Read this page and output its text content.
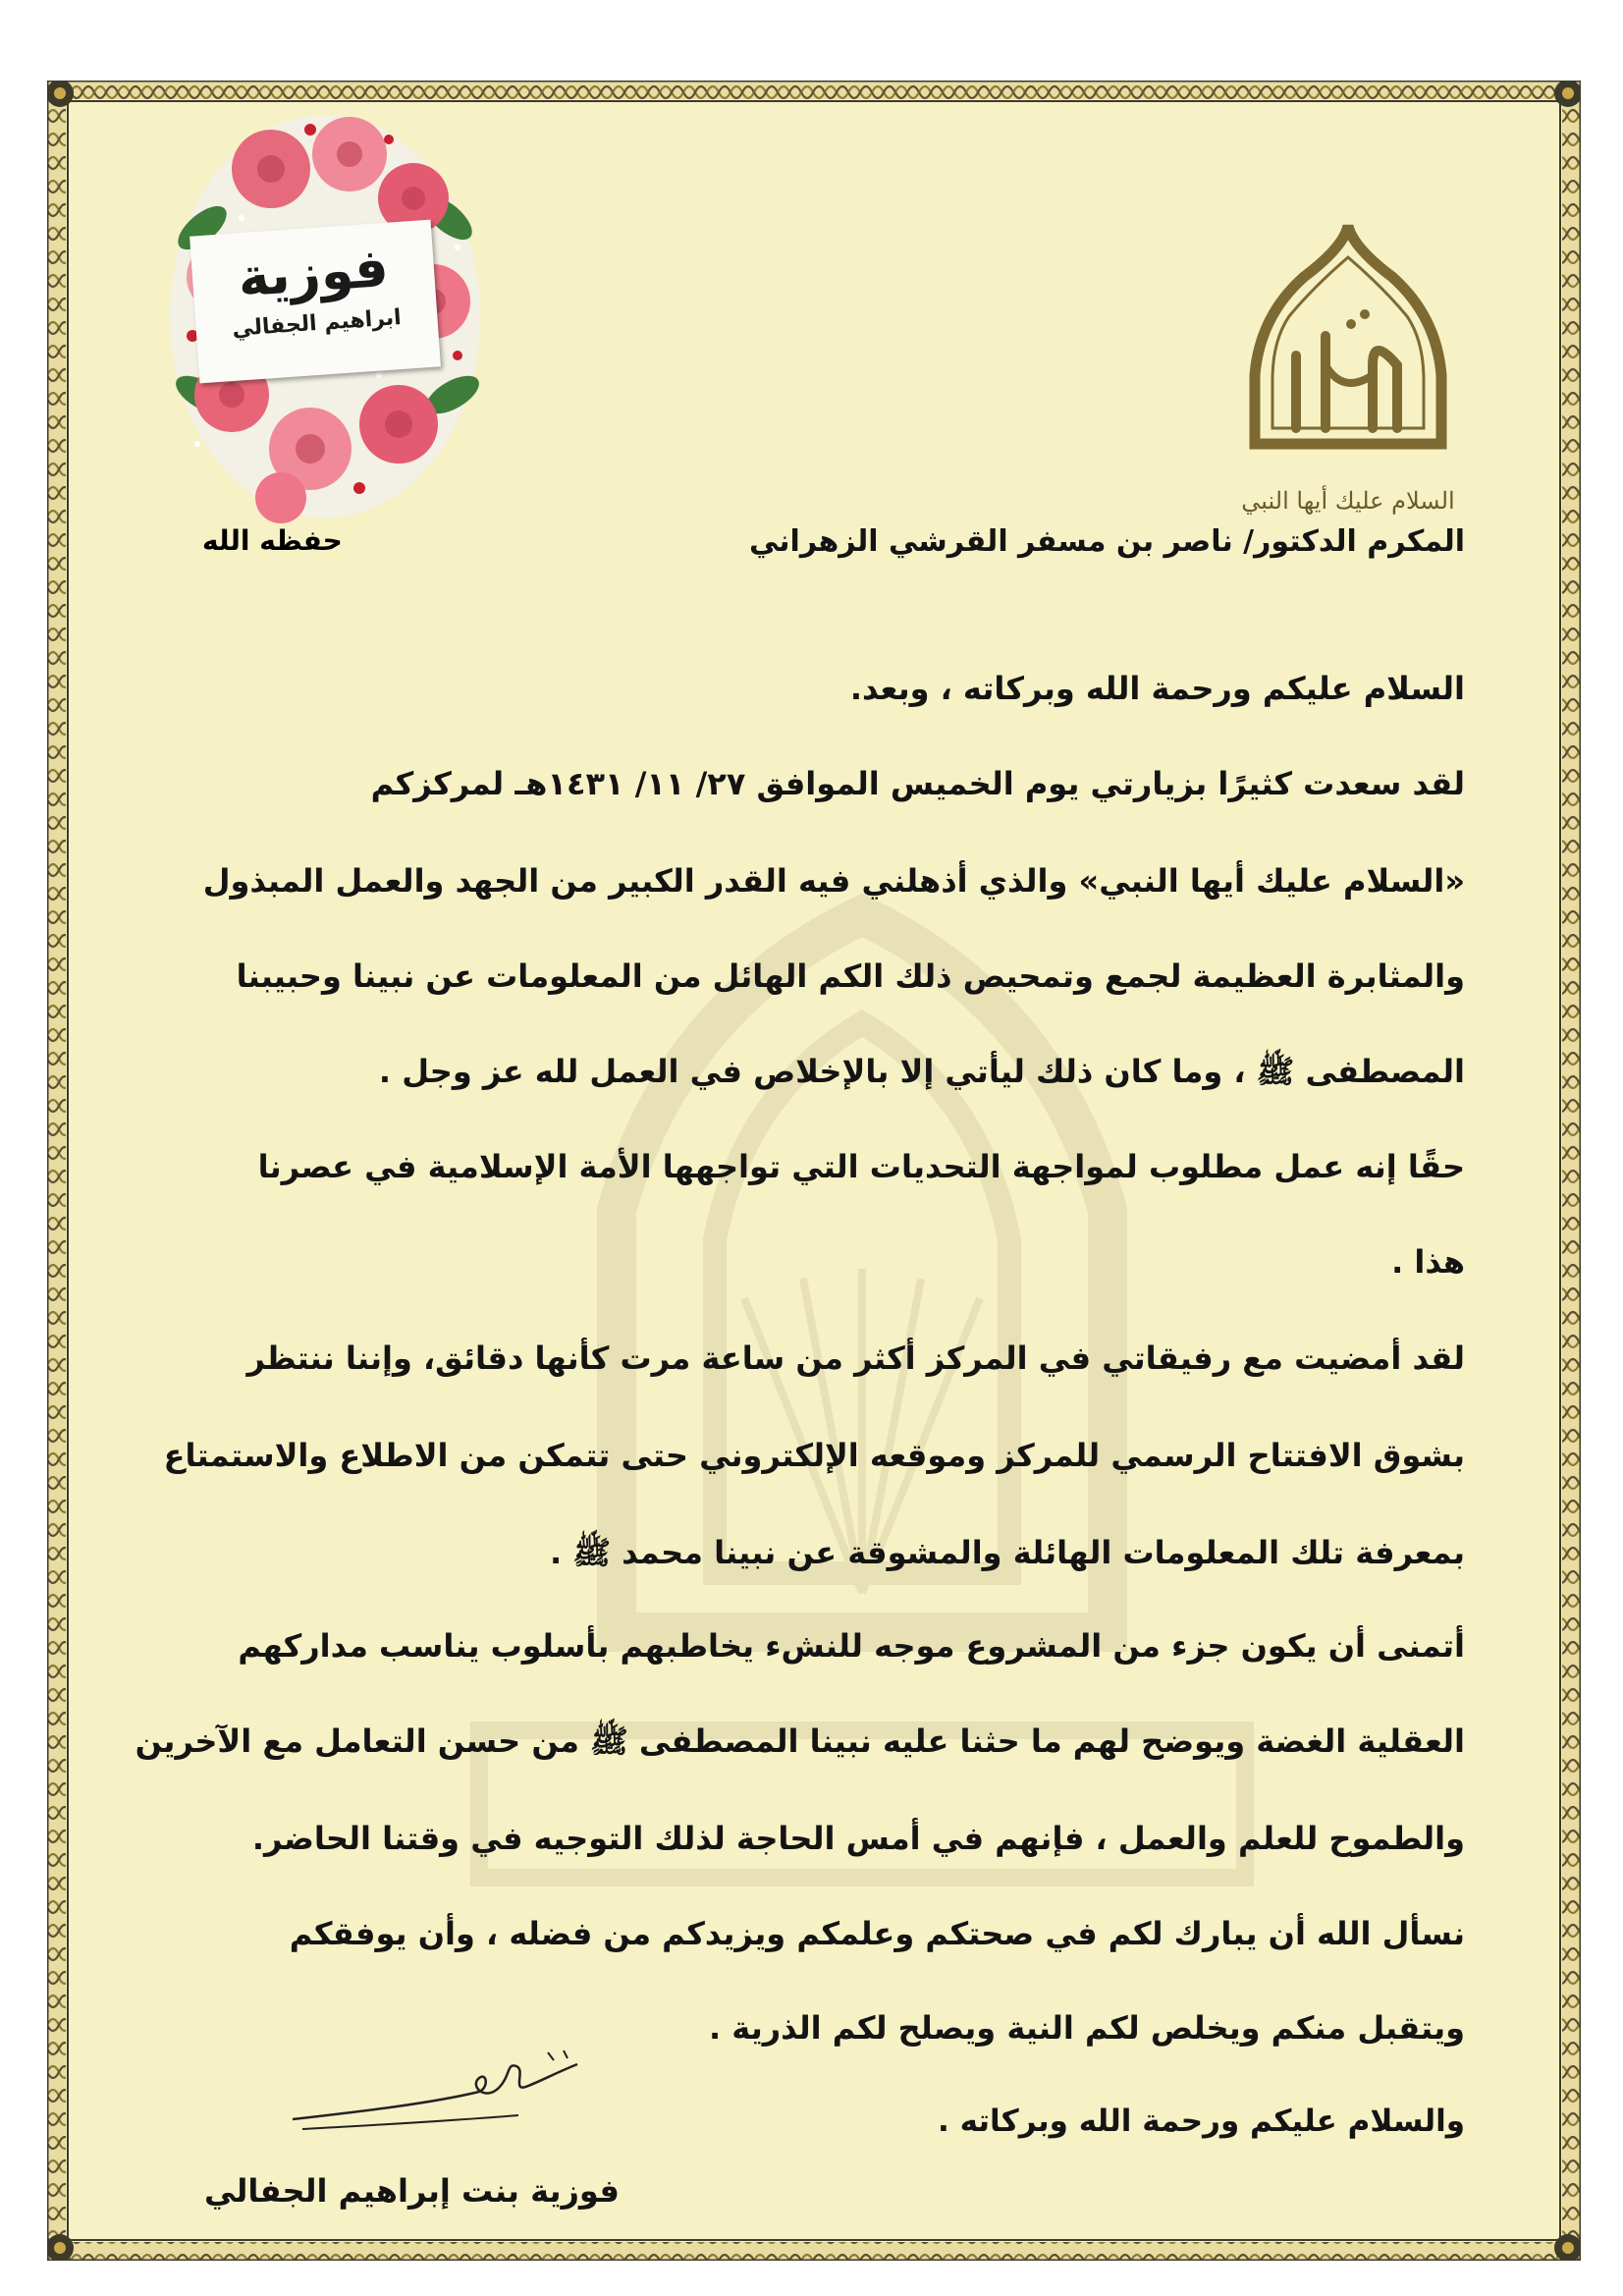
السلام عليك أيها النبي
فوزية
ابراهيم الجفالي
حفظه الله	المكرم الدكتور/ ناصر بن مسفر القرشي الزهراني
السلام عليكم ورحمة الله وبركاته ، وبعد.
لقد سعدت كثيرًا بزيارتي يوم الخميس الموافق ٢٧/ ١١/ ١٤٣١هـ لمركزكم
«السلام عليك أيها النبي» والذي أذهلني فيه القدر الكبير من الجهد والعمل المبذول
والمثابرة العظيمة لجمع وتمحيص ذلك الكم الهائل من المعلومات عن نبينا وحبيبنا
المصطفى ﷺ ، وما كان ذلك ليأتي إلا بالإخلاص في العمل لله عز وجل .
حقًا إنه عمل مطلوب لمواجهة التحديات التي تواجهها الأمة الإسلامية في عصرنا
هذا .
لقد أمضيت مع رفيقاتي في المركز أكثر من ساعة مرت كأنها دقائق، وإننا ننتظر
بشوق الافتتاح الرسمي للمركز وموقعه الإلكتروني حتى تتمكن من الاطلاع والاستمتاع
بمعرفة تلك المعلومات الهائلة والمشوقة عن نبينا محمد ﷺ .
أتمنى أن يكون جزء من المشروع موجه للنشء يخاطبهم بأسلوب يناسب مداركهم
العقلية الغضة ويوضح لهم ما حثنا عليه نبينا المصطفى ﷺ من حسن التعامل مع الآخرين
والطموح للعلم والعمل ، فإنهم في أمس الحاجة لذلك التوجيه في وقتنا الحاضر.
نسأل الله أن يبارك لكم في صحتكم وعلمكم ويزيدكم من فضله ، وأن يوفقكم
ويتقبل منكم ويخلص لكم النية ويصلح لكم الذرية .
والسلام عليكم ورحمة الله وبركاته .
فوزية بنت إبراهيم الجفالي
